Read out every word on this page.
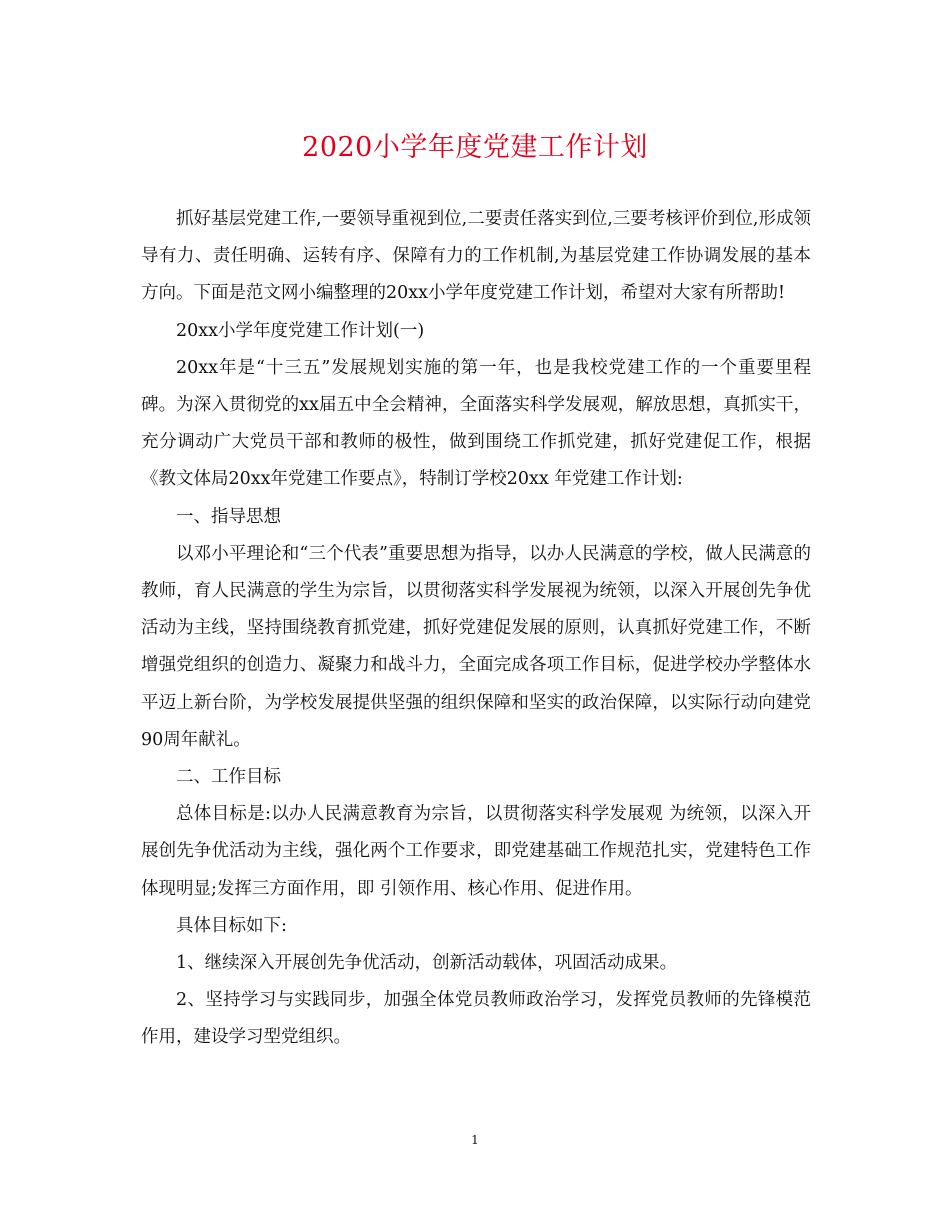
2020小学年度党建工作计划

抓好基层党建工作,一要领导重视到位,二要责任落实到位,三要考核评价到位,形成领导有力、责任明确、运转有序、保障有力的工作机制,为基层党建工作协调发展的基本方向。下面是范文网小编整理的20xx小学年度党建工作计划，希望对大家有所帮助!

20xx小学年度党建工作计划(一)

20xx年是“十三五”发展规划实施的第一年，也是我校党建工作的一个重要里程碑。为深入贯彻党的xx届五中全会精神，全面落实科学发展观，解放思想，真抓实干，充分调动广大党员干部和教师的极性，做到围绕工作抓党建，抓好党建促工作，根据《教文体局20xx年党建工作要点》，特制订学校20xx 年党建工作计划:

一、指导思想

以邓小平理论和“三个代表”重要思想为指导，以办人民满意的学校，做人民满意的教师，育人民满意的学生为宗旨，以贯彻落实科学发展视为统领，以深入开展创先争优活动为主线，坚持围绕教育抓党建，抓好党建促发展的原则，认真抓好党建工作，不断增强党组织的创造力、凝聚力和战斗力，全面完成各项工作目标，促进学校办学整体水平迈上新台阶，为学校发展提供坚强的组织保障和坚实的政治保障，以实际行动向建党90周年献礼。

二、工作目标

总体目标是:以办人民满意教育为宗旨，以贯彻落实科学发展观 为统领，以深入开展创先争优活动为主线，强化两个工作要求，即党建基础工作规范扎实，党建特色工作体现明显;发挥三方面作用，即 引领作用、核心作用、促进作用。

具体目标如下:

1、继续深入开展创先争优活动，创新活动载体，巩固活动成果。

2、坚持学习与实践同步，加强全体党员教师政治学习，发挥党员教师的先锋模范作用，建设学习型党组织。

1
